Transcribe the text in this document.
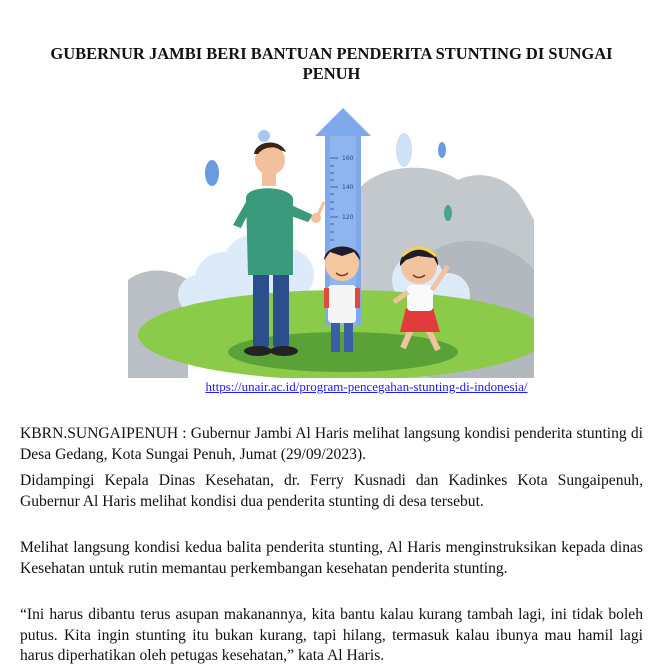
GUBERNUR JAMBI BERI BANTUAN PENDERITA STUNTING DI SUNGAI PENUH
160
140
120
https://unair.ac.id/program-pencegahan-stunting-di-indonesia/

KBRN.SUNGAIPENUH : Gubernur Jambi Al Haris melihat langsung kondisi penderita stunting di Desa Gedang, Kota Sungai Penuh, Jumat (29/09/2023).

Didampingi Kepala Dinas Kesehatan, dr. Ferry Kusnadi dan Kadinkes Kota Sungaipenuh, Gubernur Al Haris melihat kondisi dua penderita stunting di desa tersebut.

Melihat langsung kondisi kedua balita penderita stunting, Al Haris menginstruksikan kepada dinas Kesehatan untuk rutin memantau perkembangan kesehatan penderita stunting.

“Ini harus dibantu terus asupan makanannya, kita bantu kalau kurang tambah lagi, ini tidak boleh putus. Kita ingin stunting itu bukan kurang, tapi hilang, termasuk kalau ibunya mau hamil lagi harus diperhatikan oleh petugas kesehatan,” kata Al Haris.
